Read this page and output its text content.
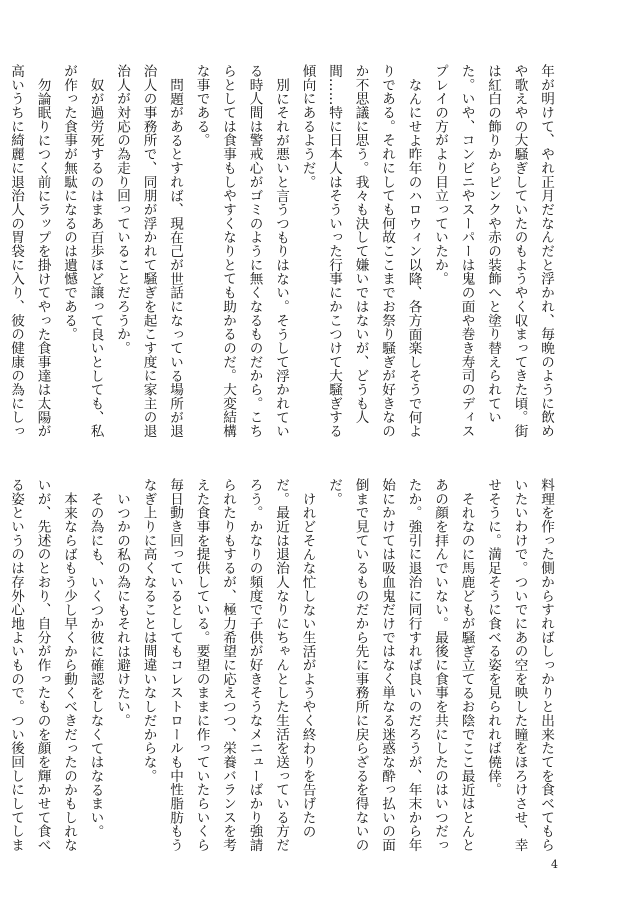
年が明けて、やれ正月だなんだと浮かれ、毎晩のように飲めや歌えやの大騒ぎしていたのもようやく収まってきた頃。街は紅白の飾りからピンクや赤の装飾へと塗り替えられていた。いや、コンビニやスーパーは鬼の面や巻き寿司のディスプレイの方がより目立っていたか。
なんにせよ昨年のハロウィン以降、各方面楽しそうで何よりである。それにしても何故ここまでお祭り騒ぎが好きなのか不思議に思う。我々も決して嫌いではないが、どうも人間……特に日本人はそういった行事にかこつけて大騒ぎする傾向にあるようだ。
別にそれが悪いと言うつもりはない。そうして浮かれている時人間は警戒心がゴミのように無くなるものだから。こちらとしては食事もしやすくなりとても助かるのだ。大変結構な事である。
問題があるとすれば、現在己が世話になっている場所が退治人の事務所で、同朋が浮かれて騒ぎを起こす度に家主の退治人が対応の為走り回っていることだろうか。
奴が過労死するのはまあ百歩ほど譲って良いとしても、私が作った食事が無駄になるのは遺憾である。
勿論眠りにつく前にラップを掛けてやった食事達は太陽が高いうちに綺麗に退治人の胃袋に入り、彼の健康の為にしっ
料理を作った側からすればしっかりと出来たてを食べてもらいたいわけで。ついでにあの空を映した瞳をほろけさせ、幸せそうに。満足そうに食べる姿を見られれば僥倖。
それなのに馬鹿どもが騒ぎ立てるお陰でここ最近はとんとあの顔を拝んでいない。最後に食事を共にしたのはいつだったか。強引に退治に同行すれば良いのだろうが、年末から年始にかけては吸血鬼だけではなく単なる迷惑な酔っ払いの面倒まで見ているものだから先に事務所に戻らざるを得ないのだ。
けれどそんな忙しない生活がようやく終わりを告げたのだ。最近は退治人なりにちゃんとした生活を送っている方だろう。かなりの頻度で子供が好きそうなメニューばかり強請られたりもするが、極力希望に応えつつ、栄養バランスを考えた食事を提供している。要望のままに作っていたらいくら毎日動き回っているとしてもコレストロールも中性脂肪もうなぎ上りに高くなることは間違いなしだからな。
いつかの私の為にもそれは避けたい。
その為にも、いくつか彼に確認をしなくてはなるまい。
本来ならばもう少し早くから動くべきだったのかもしれないが、先述のとおり、自分が作ったものを顔を輝かせて食べる姿というのは存外心地よいもので。つい後回しにしてしま
4
